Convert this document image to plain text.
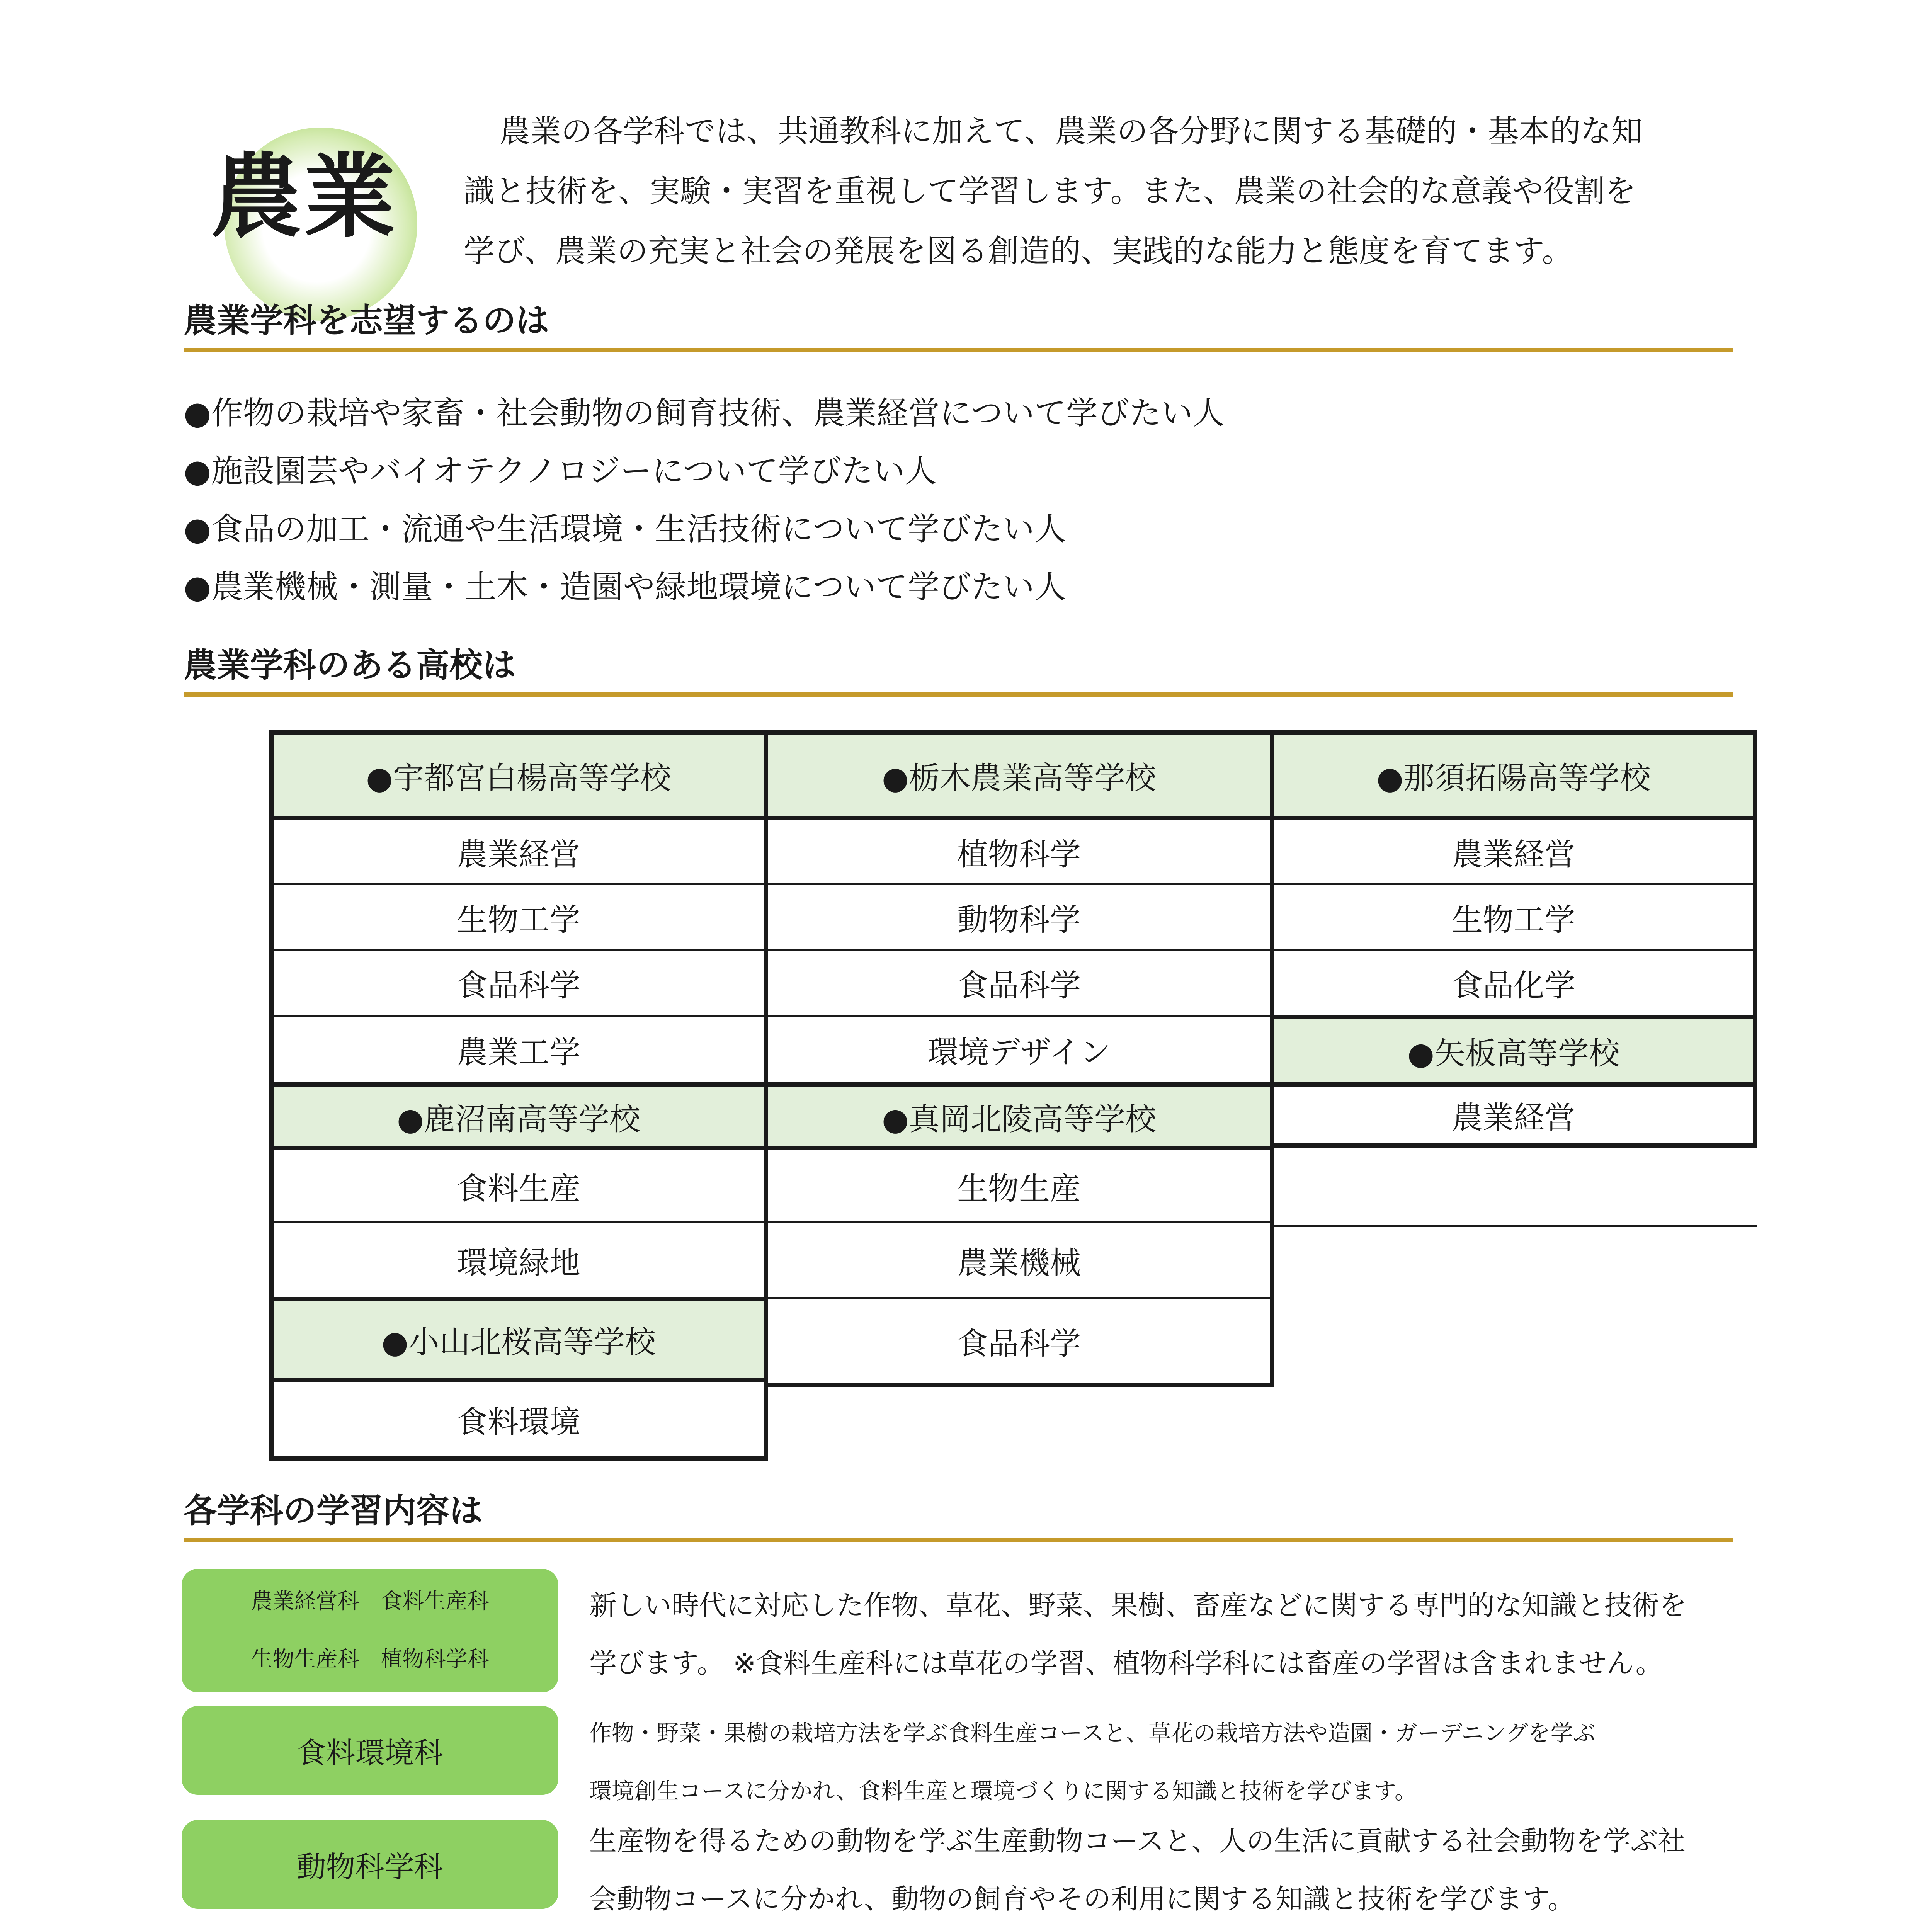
農業
農業の各学科では、共通教科に加えて、農業の各分野に関する基礎的・基本的な知
識と技術を、実験・実習を重視して学習します。また、農業の社会的な意義や役割を
学び、農業の充実と社会の発展を図る創造的、実践的な能力と態度を育てます。
農業学科を志望するのは
●作物の栽培や家畜・社会動物の飼育技術、農業経営について学びたい人
●施設園芸やバイオテクノロジーについて学びたい人
●食品の加工・流通や生活環境・生活技術について学びたい人
●農業機械・測量・土木・造園や緑地環境について学びたい人
農業学科のある高校は
●宇都宮白楊高等学校
農業経営
生物工学
食品科学
農業工学
●鹿沼南高等学校
食料生産
環境緑地
●小山北桜高等学校
食料環境
●栃木農業高等学校
植物科学
動物科学
食品科学
環境デザイン
●真岡北陵高等学校
生物生産
農業機械
食品科学
●那須拓陽高等学校
農業経営
生物工学
食品化学
●矢板高等学校
農業経営
各学科の学習内容は
農業経営科　食料生産科
生物生産科　植物科学科
新しい時代に対応した作物、草花、野菜、果樹、畜産などに関する専門的な知識と技術を
学びます。 ※食料生産科には草花の学習、植物科学科には畜産の学習は含まれません。
食料環境科
作物・野菜・果樹の栽培方法を学ぶ食料生産コースと、草花の栽培方法や造園・ガーデニングを学ぶ
環境創生コースに分かれ、食料生産と環境づくりに関する知識と技術を学びます。
動物科学科
生産物を得るための動物を学ぶ生産動物コースと、人の生活に貢献する社会動物を学ぶ社
会動物コースに分かれ、動物の飼育やその利用に関する知識と技術を学びます。
